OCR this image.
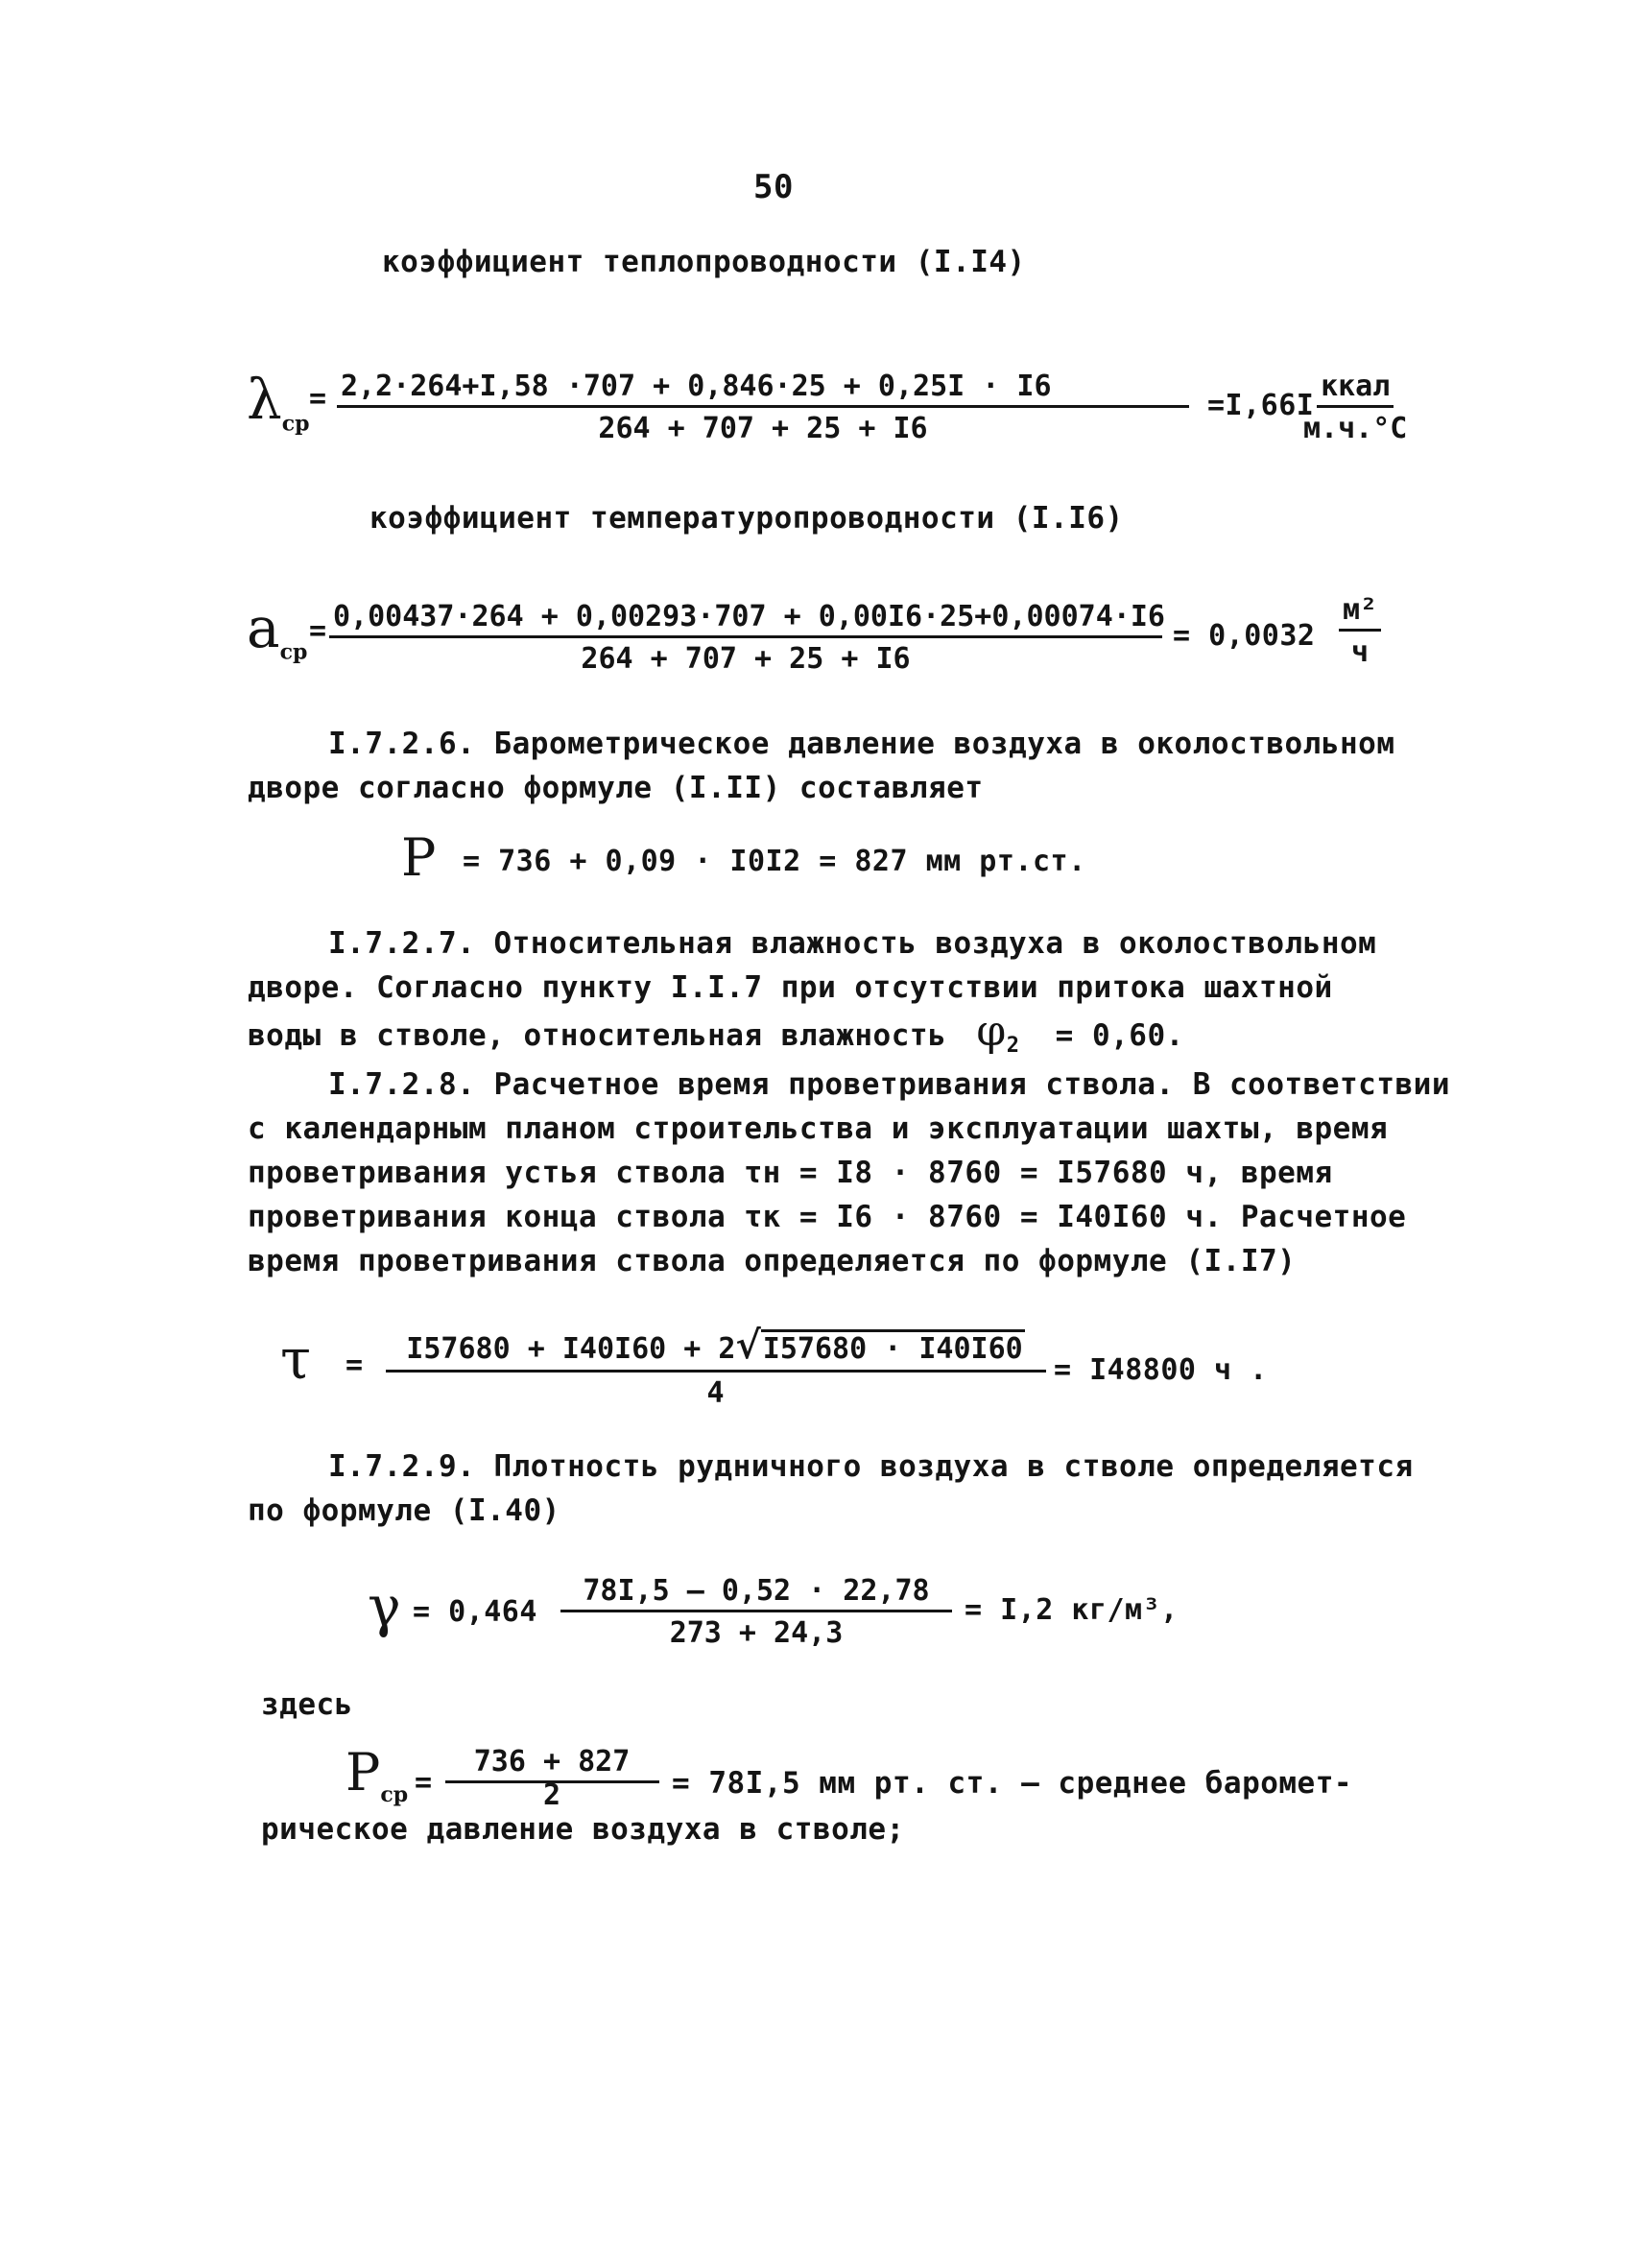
50
коэффициент теплопроводности (I.I4)
$\lambda_{ср}$
= $\frac{2,2\cdot 264+I,58 \cdot 707 + 0,846\cdot 25 + 0,25I \cdot I6}{264 + 707 + 25 + I6} =I,66I$
ккал
м.ч.°C
коэффициент температуропроводности (I.I6)
$a_{ср}$
= $\frac{0,00437\cdot 264 + 0,00293\cdot 707 + 0,00I6\cdot 25+0,00074\cdot I6}{264 + 707 + 25 + I6} = 0,0032$
м²
ч
I.7.2.6. Барометрическое давление воздуха в околоствольном
дворе согласно формуле (I.II) составляет
P = 736 + 0,09 · I0I2 = 827 мм рт.ст.
I.7.2.7. Относительная влажность воздуха в околоствольном
дворе. Согласно пункту I.I.7 при отсутствии притока шахтной
воды в стволе, относительная влажность $\varphi_2 = 0,60$.
I.7.2.8. Расчетное время проветривания ствола. В соответствии
с календарным планом строительства и эксплуатации шахты, время
проветривания устья ствола τн = I8 · 8760 = I57680 ч, время
проветривания конца ствола τк = I6 · 8760 = I40I60 ч. Расчетное
время проветривания ствола определяется по формуле (I.I7)
$\tau = \frac{I57680 + I40I60 + 2√I57680 \cdot I40I60}{4} = I48800$ ч .
I.7.2.9. Плотность рудничного воздуха в стволе определяется
по формуле (I.40)
$\gamma = 0,464 \frac{78I,5 - 0,52 \cdot 22,78}{273 + 24,3} = I,2$ кг/м³,
здесь
$P_{ср} = \frac{736 + 827}{2} = 78I,5$ мм рт. ст. – среднее баромет-
рическое давление воздуха в стволе;
